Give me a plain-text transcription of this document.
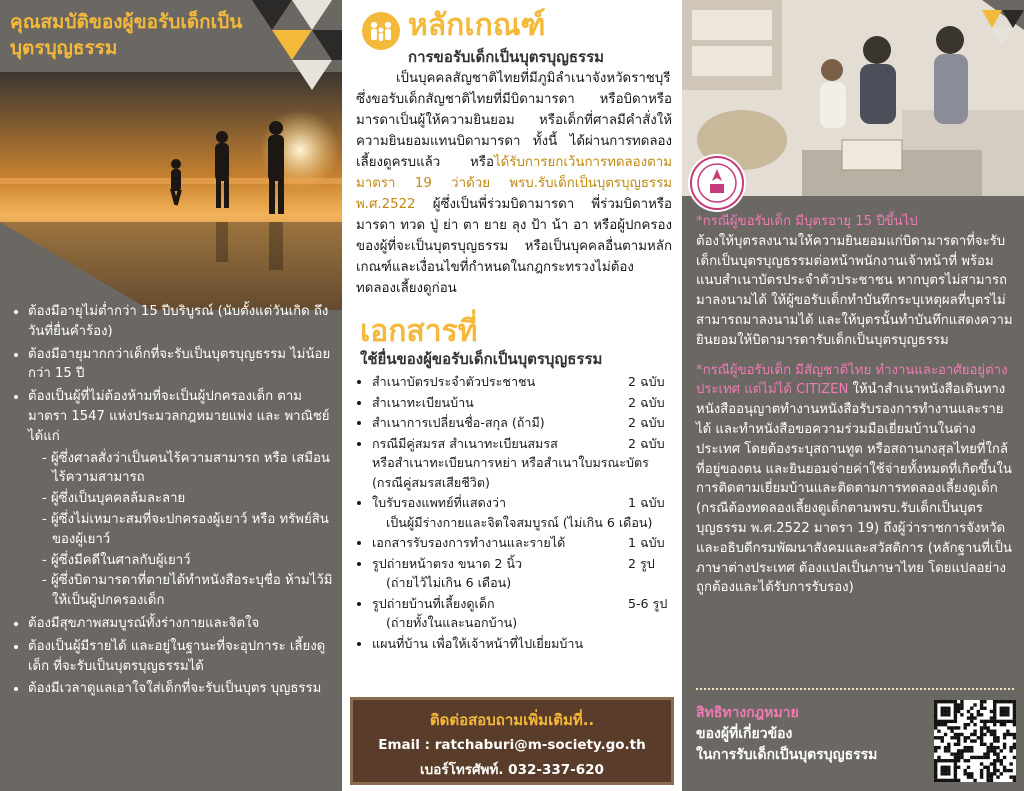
คุณสมบัติของผู้ขอรับเด็กเป็นบุตรบุญธรรม
• ต้องมีอายุไม่ต่ำกว่า 15 ปีบริบูรณ์ (นับตั้งแต่วันเกิด ถึงวันที่ยื่นคำร้อง)
• ต้องมีอายุมากกว่าเด็กที่จะรับเป็นบุตรบุญธรรม ไม่น้อยกว่า 15 ปี
• ต้องเป็นผู้ที่ไม่ต้องห้ามที่จะเป็นผู้ปกครองเด็ก ตามมาตรา 1547 แห่งประมวลกฎหมายแพ่ง และ พาณิชย์ ได้แก่
- ผู้ซึ่งศาลสั่งว่าเป็นคนไร้ความสามารถ หรือ เสมือนไร้ความสามารถ
- ผู้ซึ่งเป็นบุคคลล้มละลาย
- ผู้ซึ่งไม่เหมาะสมที่จะปกครองผู้เยาว์ หรือ ทรัพย์สินของผู้เยาว์
- ผู้ซึ่งมีคดีในศาลกับผู้เยาว์
- ผู้ซึ่งบิดามารดาที่ตายได้ทำหนังสือระบุชื่อ ห้ามไว้มิให้เป็นผู้ปกครองเด็ก
• ต้องมีสุขภาพสมบูรณ์ทั้งร่างกายและจิตใจ
• ต้องเป็นผู้มีรายได้ และอยู่ในฐานะที่จะอุปการะ เลี้ยงดูเด็ก ที่จะรับเป็นบุตรบุญธรรมได้
• ต้องมีเวลาดูแลเอาใจใส่เด็กที่จะรับเป็นบุตร บุญธรรม
หลักเกณฑ์
การขอรับเด็กเป็นบุตรบุญธรรม
เป็นบุคคลสัญชาติไทยที่มีภูมิลำเนาจังหวัดราชบุรี ซึ่งขอรับเด็กสัญชาติไทยที่มีบิดามารดา หรือบิดาหรือมารดาเป็นผู้ให้ความยินยอม หรือเด็กที่ศาลมีคำสั่งให้ความยินยอมแทนบิดามารดา ทั้งนี้ ได้ผ่านการทดลองเลี้ยงดูครบแล้ว หรือได้รับการยกเว้นการทดลองตามมาตรา 19 ว่าด้วย พรบ.รับเด็กเป็นบุตรบุญธรรม พ.ศ.2522 ผู้ซึ่งเป็นพี่ร่วมบิดามารดา พี่ร่วมบิดาหรือมารดา ทวด ปู่ ย่า ตา ยาย ลุง ป้า น้า อา หรือผู้ปกครองของผู้ที่จะเป็นบุตรบุญธรรม หรือเป็นบุคคลอื่นตามหลักเกณฑ์และเงื่อนไขที่กำหนดในกฎกระทรวงไม่ต้องทดลองเลี้ยงดูก่อน
เอกสารที่
ใช้ยื่นของผู้ขอรับเด็กเป็นบุตรบุญธรรม
• สำเนาบัตรประจำตัวประชาชน	2 ฉบับ
• สำเนาทะเบียนบ้าน	2 ฉบับ
• สำเนาการเปลี่ยนชื่อ-สกุล (ถ้ามี)	2 ฉบับ
• กรณีมีคู่สมรส สำเนาทะเบียนสมรส	2 ฉบับ
หรือสำเนาทะเบียนการหย่า หรือสำเนาใบมรณะบัตร (กรณีคู่สมรสเสียชีวิต)
• ใบรับรองแพทย์ที่แสดงว่า	1 ฉบับ
เป็นผู้มีร่างกายและจิตใจสมบูรณ์ (ไม่เกิน 6 เดือน)
• เอกสารรับรองการทำงานและรายได้	1 ฉบับ
• รูปถ่ายหน้าตรง ขนาด 2 นิ้ว	2 รูป
(ถ่ายไว้ไม่เกิน 6 เดือน)
• รูปถ่ายบ้านที่เลี้ยงดูเด็ก	5-6 รูป
(ถ่ายทั้งในและนอกบ้าน)
• แผนที่บ้าน เพื่อให้เจ้าหน้าที่ไปเยี่ยมบ้าน
ติดต่อสอบถามเพิ่มเติมที่..
Email : ratchaburi@m-society.go.th
เบอร์โทรศัพท์. 032-337-620

*กรณีผู้ขอรับเด็ก มีบุตรอายุ 15 ปีขึ้นไป
ต้องให้บุตรลงนามให้ความยินยอมแก่บิดามารดาที่จะรับเด็กเป็นบุตรบุญธรรมต่อหน้าพนักงานเจ้าหน้าที่ พร้อมแนบสำเนาบัตรประจำตัวประชาชน หากบุตรไม่สามารถมาลงนามได้ ให้ผู้ขอรับเด็กทำบันทึกระบุเหตุผลที่บุตรไม่สามารถมาลงนามได้ และให้บุตรนั้นทำบันทึกแสดงความยินยอมให้บิดามารดารับเด็กเป็นบุตรบุญธรรม

*กรณีผู้ขอรับเด็ก มีสัญชาติไทย ทำงานและอาศัยอยู่ต่างประเทศ แต่ไม่ได้ CITIZEN ให้นำสำเนาหนังสือเดินทาง หนังสืออนุญาตทำงานหนังสือรับรองการทำงานและรายได้ และทำหนังสือขอความร่วมมือเยี่ยมบ้านในต่างประเทศ โดยต้องระบุสถานทูต หรือสถานกงสุลไทยที่ใกล้ที่อยู่ของตน และยินยอมจ่ายค่าใช้จ่ายทั้งหมดที่เกิดขึ้นในการติดตามเยี่ยมบ้านและติดตามการทดลองเลี้ยงดูเด็ก (กรณีต้องทดลองเลี้ยงดูเด็กตามพรบ.รับเด็กเป็นบุตรบุญธรรม พ.ศ.2522 มาตรา 19) ถึงผู้ว่าราชการจังหวัด และอธิบดีกรมพัฒนาสังคมและสวัสดิการ (หลักฐานที่เป็นภาษาต่างประเทศ ต้องแปลเป็นภาษาไทย โดยแปลอย่างถูกต้องและได้รับการรับรอง)

สิทธิทางกฎหมาย
ของผู้ที่เกี่ยวข้อง
ในการรับเด็กเป็นบุตรบุญธรรม
